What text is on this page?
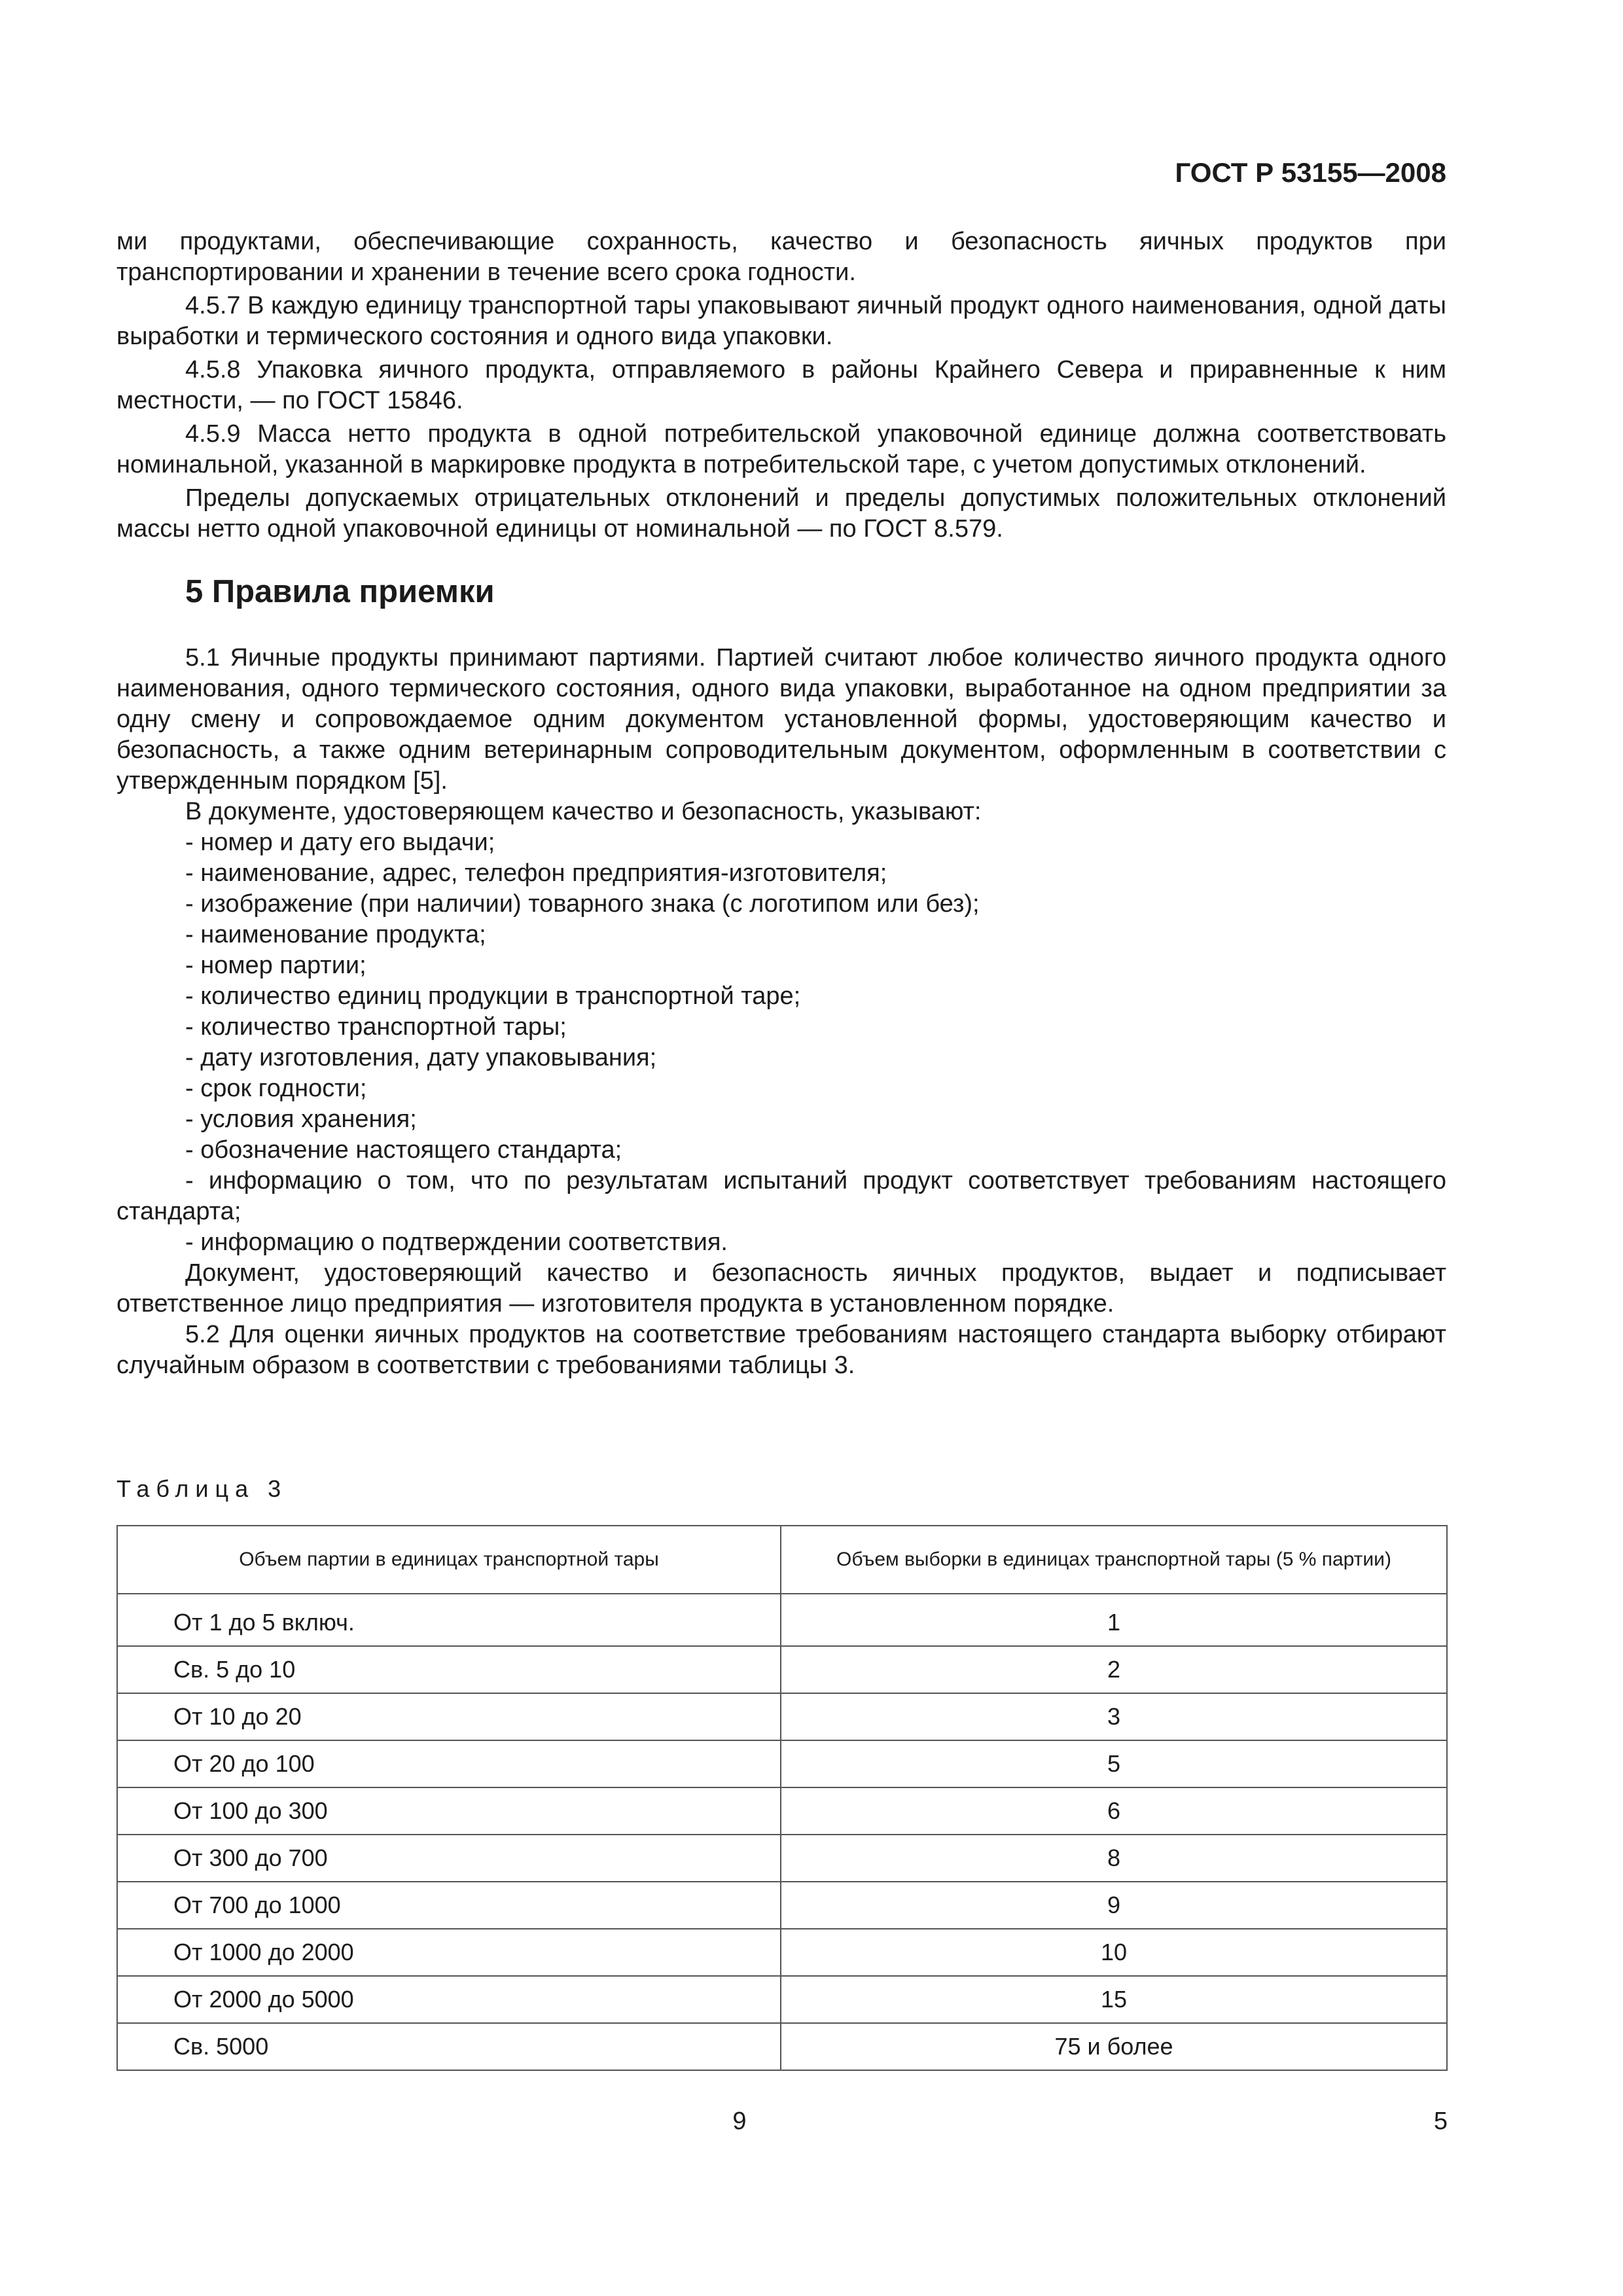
ГОСТ Р 53155—2008

ми продуктами, обеспечивающие сохранность, качество и безопасность яичных продуктов при транспортировании и хранении в течение всего срока годности.

4.5.7 В каждую единицу транспортной тары упаковывают яичный продукт одного наименования, одной даты выработки и термического состояния и одного вида упаковки.

4.5.8 Упаковка яичного продукта, отправляемого в районы Крайнего Севера и приравненные к ним местности, — по ГОСТ 15846.

4.5.9 Масса нетто продукта в одной потребительской упаковочной единице должна соответствовать номинальной, указанной в маркировке продукта в потребительской таре, с учетом допустимых отклонений.

Пределы допускаемых отрицательных отклонений и пределы допустимых положительных отклонений массы нетто одной упаковочной единицы от номинальной — по ГОСТ 8.579.

5 Правила приемки

5.1 Яичные продукты принимают партиями. Партией считают любое количество яичного продукта одного наименования, одного термического состояния, одного вида упаковки, выработанное на одном предприятии за одну смену и сопровождаемое одним документом установленной формы, удостоверяющим качество и безопасность, а также одним ветеринарным сопроводительным документом, оформленным в соответствии с утвержденным порядком [5].

В документе, удостоверяющем качество и безопасность, указывают:

- номер и дату его выдачи;

- наименование, адрес, телефон предприятия-изготовителя;

- изображение (при наличии) товарного знака (с логотипом или без);

- наименование продукта;

- номер партии;

- количество единиц продукции в транспортной таре;

- количество транспортной тары;

- дату изготовления, дату упаковывания;

- срок годности;

- условия хранения;

- обозначение настоящего стандарта;

- информацию о том, что по результатам испытаний продукт соответствует требованиям настоящего стандарта;

- информацию о подтверждении соответствия.

Документ, удостоверяющий качество и безопасность яичных продуктов, выдает и подписывает ответственное лицо предприятия — изготовителя продукта в установленном порядке.

5.2 Для оценки яичных продуктов на соответствие требованиям настоящего стандарта выборку отбирают случайным образом в соответствии с требованиями таблицы 3.

Таблица 3
Объем партии в единицах транспортной тары	Объем выборки в единицах транспортной тары (5 % партии)
От 1 до 5 включ.	1
Св. 5 до 10	2
От 10 до 20	3
От 20 до 100	5
От 100 до 300	6
От 300 до 700	8
От 700 до 1000	9
От 1000 до 2000	10
От 2000 до 5000	15
Св. 5000	75 и более
9	5
